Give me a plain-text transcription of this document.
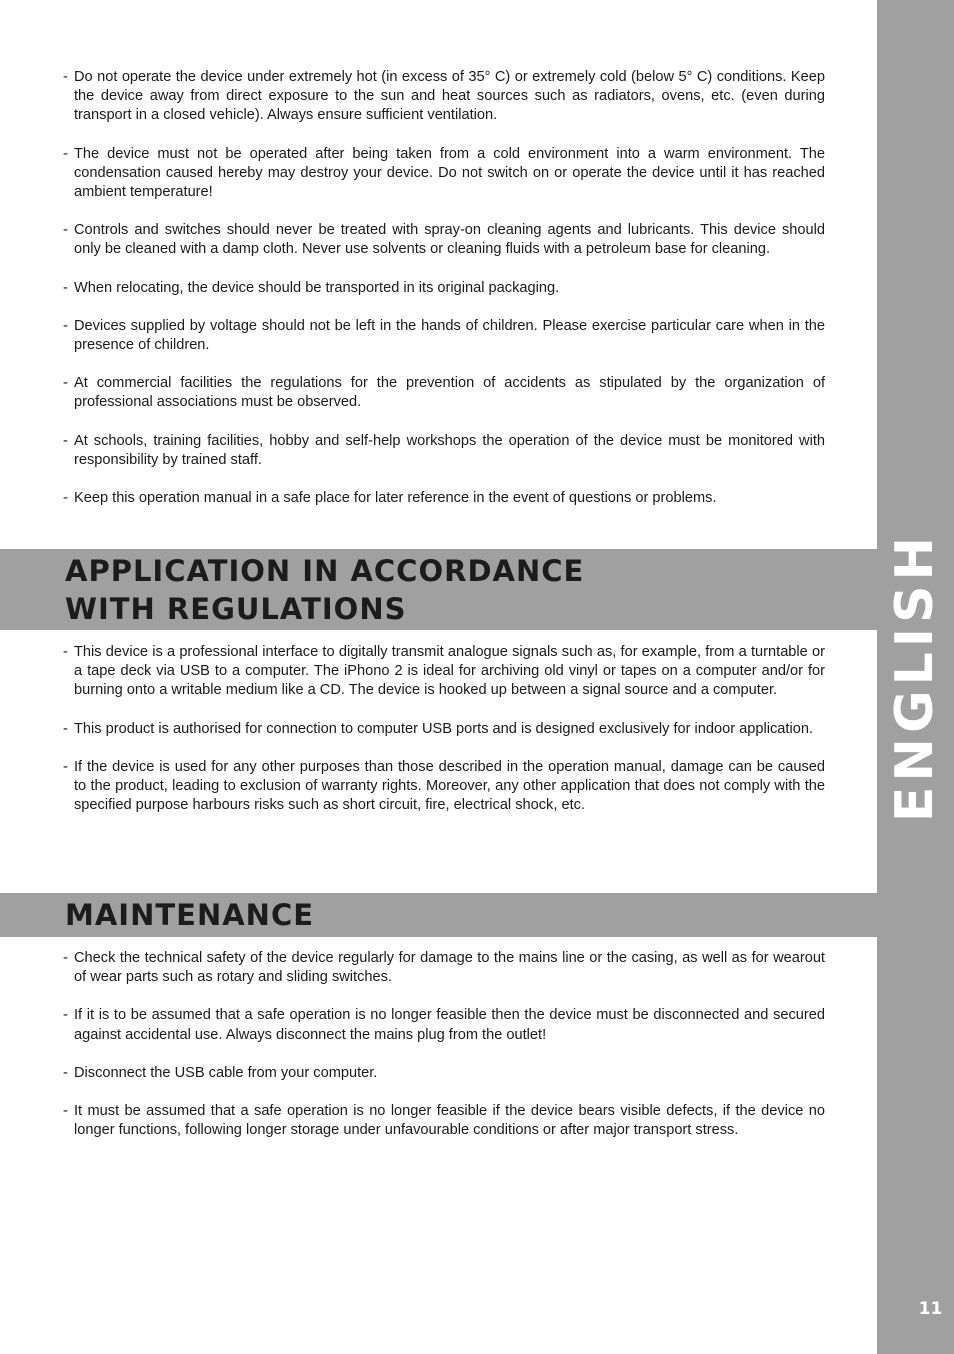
ENGLISH
11
- Do not operate the device under extremely hot (in excess of 35° C) or extremely cold (below 5° C) conditions. Keep the device away from direct exposure to the sun and heat sources such as radiators, ovens, etc. (even during transport in a closed vehicle). Always ensure sufficient ventilation.
- The device must not be operated after being taken from a cold environment into a warm environment. The condensation caused hereby may destroy your device. Do not switch on or operate the device until it has reached ambient temperature!
- Controls and switches should never be treated with spray-on cleaning agents and lubricants. This device should only be cleaned with a damp cloth. Never use solvents or cleaning fluids with a petroleum base for cleaning.
- When relocating, the device should be transported in its original packaging.
- Devices supplied by voltage should not be left in the hands of children. Please exercise particular care when in the presence of children.
- At commercial facilities the regulations for the prevention of accidents as stipulated by the organization of professional associations must be observed.
- At schools, training facilities, hobby and self-help workshops the operation of the device must be monitored with responsibility by trained staff.
- Keep this operation manual in a safe place for later reference in the event of questions or problems.
APPLICATION IN ACCORDANCE
WITH REGULATIONS
- This device is a professional interface to digitally transmit analogue signals such as, for example, from a turntable or a tape deck via USB to a computer. The iPhono 2 is ideal for archiving old vinyl or tapes on a computer and/or for burning onto a writable medium like a CD. The device is hooked up between a signal source and a computer.
- This product is authorised for connection to computer USB ports and is designed exclusively for indoor application.
- If the device is used for any other purposes than those described in the operation manual, damage can be caused to the product, leading to exclusion of warranty rights. Moreover, any other application that does not comply with the specified purpose harbours risks such as short circuit, fire, electrical shock, etc.
MAINTENANCE
- Check the technical safety of the device regularly for damage to the mains line or the casing, as well as for wearout of wear parts such as rotary and sliding switches.
- If it is to be assumed that a safe operation is no longer feasible then the device must be disconnected and secured against accidental use. Always disconnect the mains plug from the outlet!
- Disconnect the USB cable from your computer.
- It must be assumed that a safe operation is no longer feasible if the device bears visible defects, if the device no longer functions, following longer storage under unfavourable conditions or after major transport stress.
